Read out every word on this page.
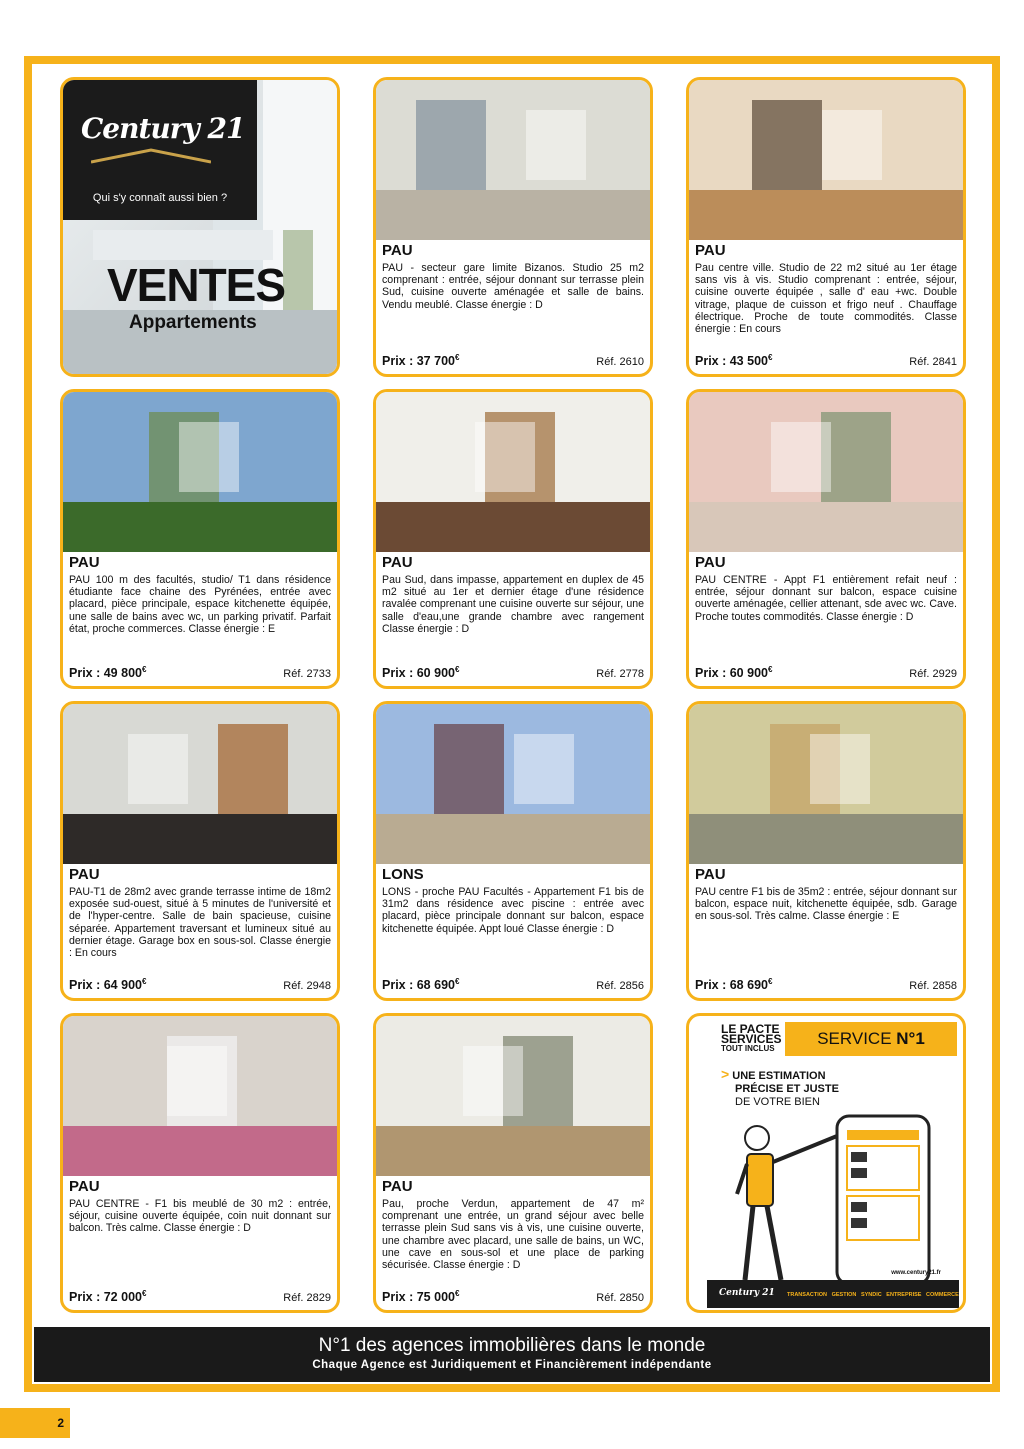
Century 21
Qui s'y connaît aussi bien ?
VENTES
Appartements
PAU
PAU - secteur gare limite Bizanos. Studio 25 m2 comprenant : entrée, séjour donnant sur terrasse plein Sud, cuisine ouverte aménagée et salle de bains. Vendu meublé. Classe énergie : D
Prix : 37 700€	Réf. 2610
PAU
Pau centre ville. Studio de 22 m2 situé au 1er étage sans vis à vis. Studio comprenant : entrée, séjour, cuisine ouverte équipée , salle d' eau +wc. Double vitrage, plaque de cuisson et frigo neuf . Chauffage électrique. Proche de toute commodités. Classe énergie : En cours
Prix : 43 500€	Réf. 2841
PAU
PAU 100 m des facultés, studio/ T1 dans résidence étudiante face chaine des Pyrénées, entrée avec placard, pièce principale, espace kitchenette équipée, une salle de bains avec wc, un parking privatif. Parfait état, proche commerces. Classe énergie : E
Prix : 49 800€	Réf. 2733
PAU
Pau Sud, dans impasse, appartement en duplex de 45 m2 situé au 1er et dernier étage d'une résidence ravalée comprenant une cuisine ouverte sur séjour, une salle d'eau,une grande chambre avec rangement Classe énergie : D
Prix : 60 900€	Réf. 2778
PAU
PAU CENTRE - Appt F1 entièrement refait neuf : entrée, séjour donnant sur balcon, espace cuisine ouverte aménagée, cellier attenant, sde avec wc. Cave. Proche toutes commodités. Classe énergie : D
Prix : 60 900€	Réf. 2929
PAU
PAU-T1 de 28m2 avec grande terrasse intime de 18m2 exposée sud-ouest, situé à 5 minutes de l'université et de l'hyper-centre. Salle de bain spacieuse, cuisine séparée. Appartement traversant et lumineux situé au dernier étage. Garage box en sous-sol. Classe énergie : En cours
Prix : 64 900€	Réf. 2948
LONS
LONS - proche PAU Facultés - Appartement F1 bis de 31m2 dans résidence avec piscine : entrée avec placard, pièce principale donnant sur balcon, espace kitchenette équipée. Appt loué Classe énergie : D
Prix : 68 690€	Réf. 2856
PAU
PAU centre F1 bis de 35m2 : entrée, séjour donnant sur balcon, espace nuit, kitchenette équipée, sdb. Garage en sous-sol. Très calme. Classe énergie : E
Prix : 68 690€	Réf. 2858
PAU
PAU CENTRE - F1 bis meublé de 30 m2 : entrée, séjour, cuisine ouverte équipée, coin nuit donnant sur balcon. Très calme. Classe énergie : D
Prix : 72 000€	Réf. 2829
PAU
Pau, proche Verdun, appartement de 47 m² comprenant une entrée, un grand séjour avec belle terrasse plein Sud sans vis à vis, une cuisine ouverte, une chambre avec placard, une salle de bains, un WC, une cave en sous-sol et une place de parking sécurisée. Classe énergie : D
Prix : 75 000€	Réf. 2850
LE PACTE
SERVICES
TOUT INCLUS
SERVICE N°1
> UNE ESTIMATION
PRÉCISE ET JUSTE
DE VOTRE BIEN
www.century21.fr
Century 21 TRANSACTION   GESTION   SYNDIC   ENTREPRISE   COMMERCE
N°1 des agences immobilières dans le monde
Chaque Agence est Juridiquement et Financièrement indépendante
2
